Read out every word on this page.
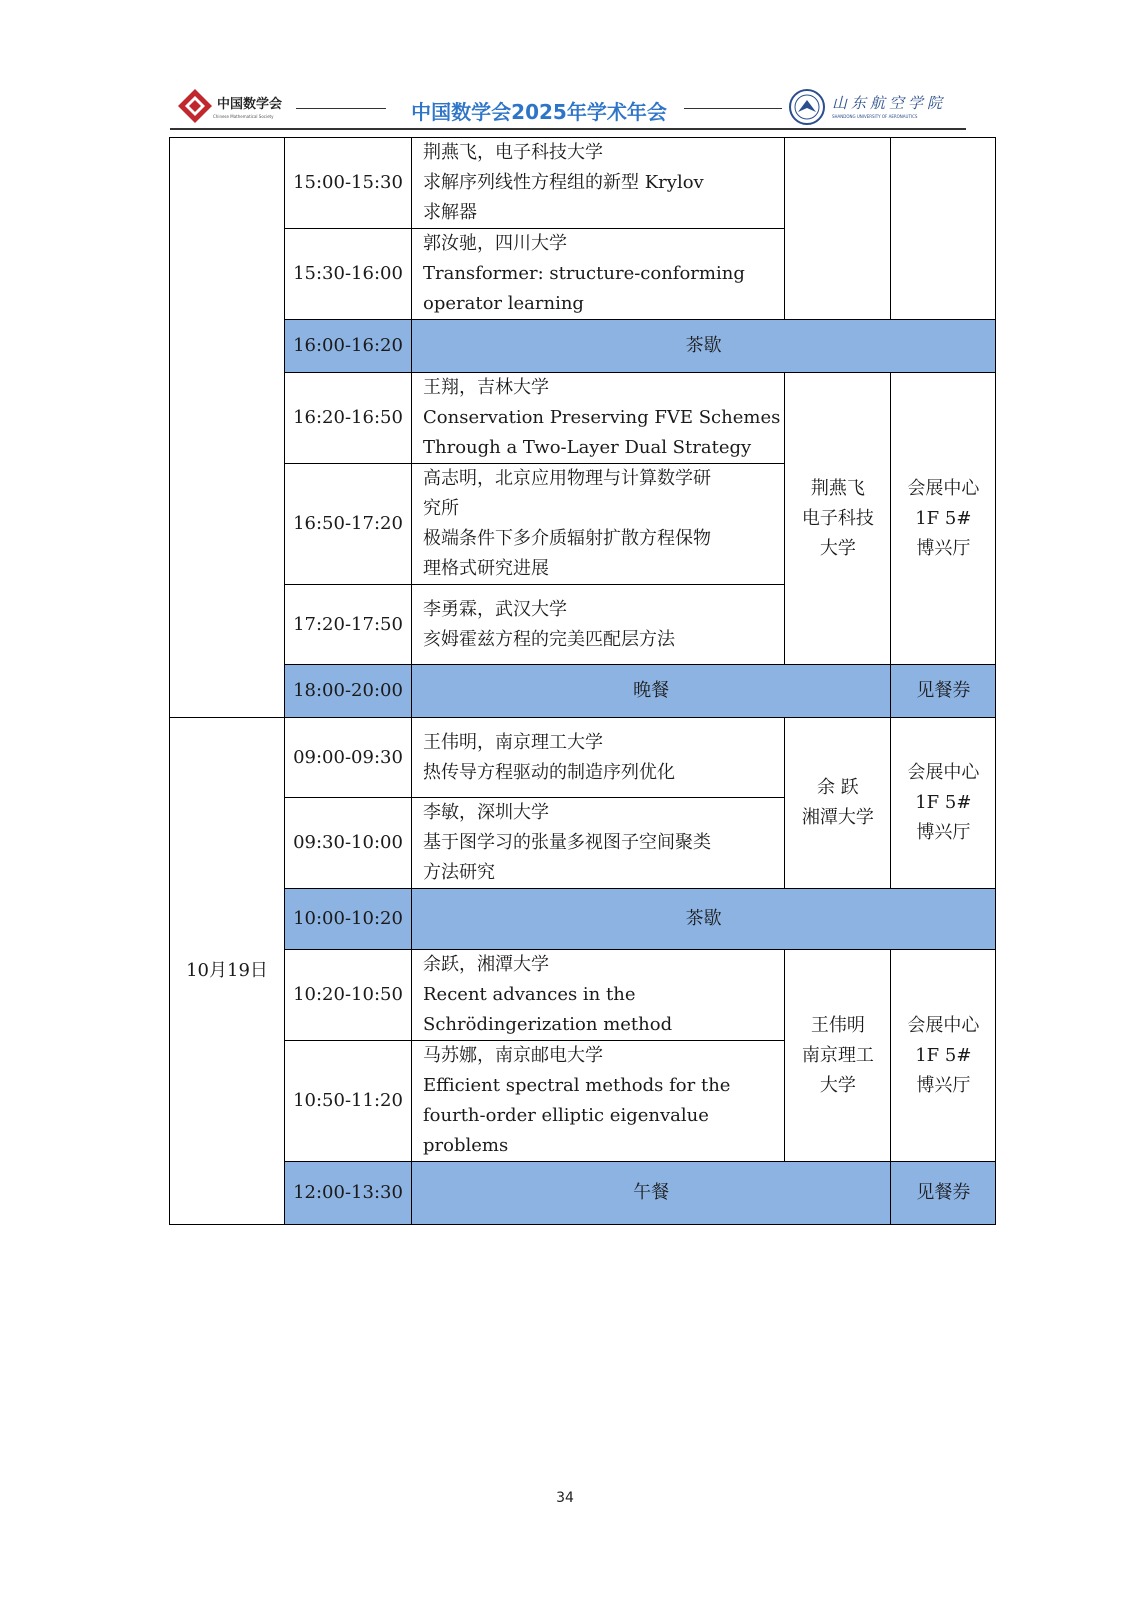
中国数学会
Chinese Mathematical Society	中国数学会2025年学术年会	山东航空学院
SHANDONG UNIVERSITY OF AERONAUTICS
	15:00-15:30	荆燕飞，电子科技大学
求解序列线性方程组的新型 Krylov
求解器		

	15:30-16:00	郭汝驰，四川大学
Transformer: structure-conforming
operator learning		

	16:00-16:20	茶歇		
	16:20-16:50	王翔，吉林大学
Conservation Preserving FVE Schemes
Through a Two-Layer Dual Strategy	荆燕飞
电子科技
大学	会展中心
1F 5#
博兴厅

	16:50-17:20	高志明，北京应用物理与计算数学研
究所
极端条件下多介质辐射扩散方程保物
理格式研究进展		

	17:20-17:50	李勇霖，武汉大学
亥姆霍兹方程的完美匹配层方法		

	18:00-20:00	晚餐		见餐券
10月19日	09:00-09:30	王伟明，南京理工大学
热传导方程驱动的制造序列优化	余 跃
湘潭大学	会展中心
1F 5#
博兴厅

	09:30-10:00	李敏，深圳大学
基于图学习的张量多视图子空间聚类
方法研究		

	10:00-10:20	茶歇		
	10:20-10:50	余跃，湘潭大学
Recent advances in the
Schrödingerization method	王伟明
南京理工
大学	会展中心
1F 5#
博兴厅

	10:50-11:20	马苏娜，南京邮电大学
Efficient spectral methods for the
fourth-order elliptic eigenvalue
problems		

	12:00-13:30	午餐		见餐券
34
